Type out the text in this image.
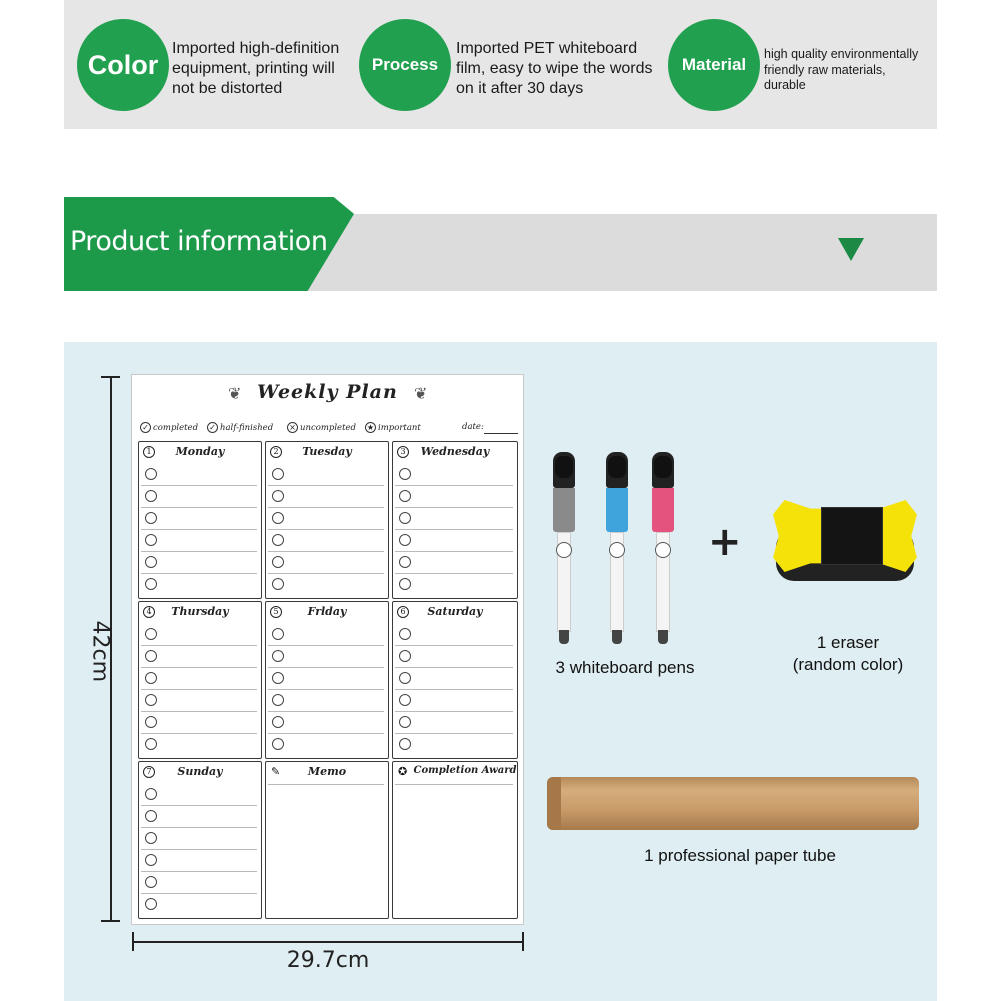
Color
Imported high-definition
equipment, printing will
not be distorted
Process
Imported PET whiteboard
film, easy to wipe the words
on it after 30 days
Material
high quality environmentally
friendly raw materials,
durable
Product information
42cm
29.7cm
❦ Weekly Plan	❦
✓ completed ✓ half-finished × uncompleted ★ important	date:
1	Monday	2	Tuesday	3	Wednesday
4	Thursday	5	Frlday	6	Saturday
7	Sunday	✎	Memo	✪ Completion Award
3 whiteboard pens
+
1 eraser
(random color)
1 professional paper tube
